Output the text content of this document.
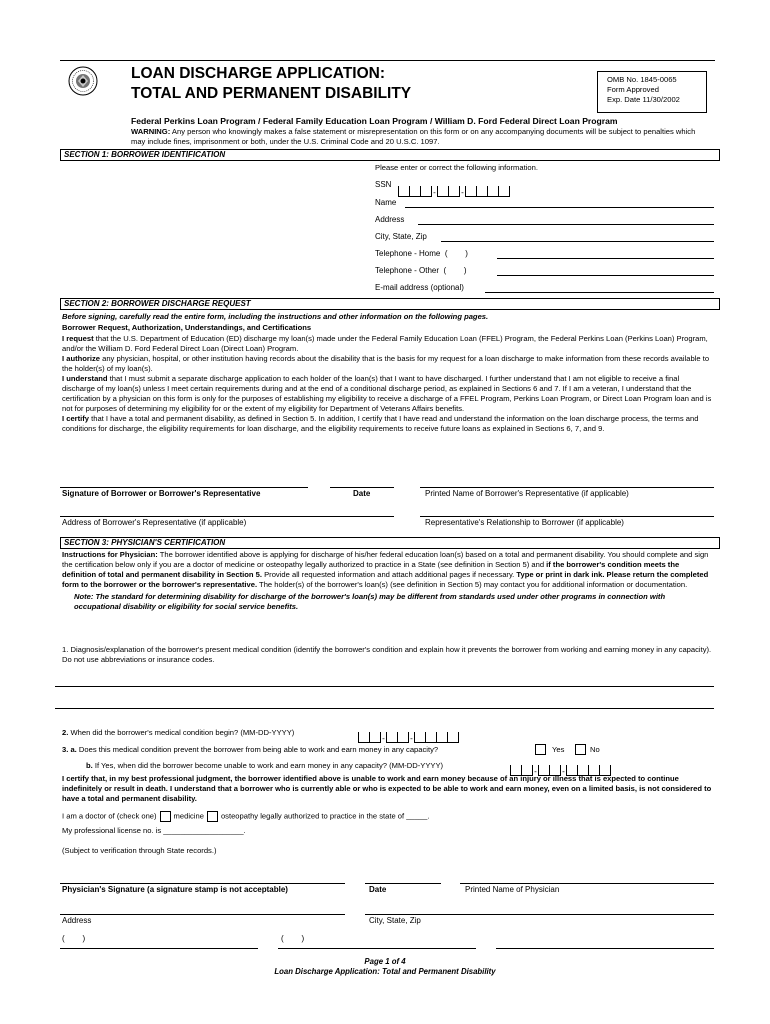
LOAN DISCHARGE APPLICATION:
TOTAL AND PERMANENT DISABILITY
OMB No. 1845-0065
Form Approved
Exp. Date 11/30/2002
Federal Perkins Loan Program / Federal Family Education Loan Program / William D. Ford Federal Direct Loan Program
WARNING: Any person who knowingly makes a false statement or misrepresentation on this form or on any accompanying documents will be subject to penalties which may include fines, imprisonment or both, under the U.S. Criminal Code and 20 U.S.C. 1097.
SECTION 1: BORROWER IDENTIFICATION
Please enter or correct the following information.
SSN
-	-
Name
Address
City, State, Zip
Telephone - Home  (        )
Telephone - Other  (        )
E-mail address (optional)
SECTION 2: BORROWER DISCHARGE REQUEST
Before signing, carefully read the entire form, including the instructions and other information on the following pages.
Borrower Request, Authorization, Understandings, and Certifications

I request that the U.S. Department of Education (ED) discharge my loan(s) made under the Federal Family Education Loan (FFEL) Program, the Federal Perkins Loan (Perkins Loan) Program, and/or the William D. Ford Federal Direct Loan (Direct Loan) Program.

I authorize any physician, hospital, or other institution having records about the disability that is the basis for my request for a loan discharge to make information from these records available to the holder(s) of my loan(s).

I understand that I must submit a separate discharge application to each holder of the loan(s) that I want to have discharged. I further understand that I am not eligible to receive a final discharge of my loan(s) unless I meet certain requirements during and at the end of a conditional discharge period, as explained in Sections 6 and 7. If I am a veteran, I understand that the certification by a physician on this form is only for the purposes of establishing my eligibility to receive a discharge of a FFEL Program, Perkins Loan Program, or Direct Loan Program loan and is not for purposes of determining my eligibility for or the extent of my eligibility for Department of Veterans Affairs benefits.

I certify that I have a total and permanent disability, as defined in Section 5. In addition, I certify that I have read and understand the information on the loan discharge process, the terms and conditions for discharge, the eligibility requirements for loan discharge, and the eligibility requirements to receive future loans as explained in Sections 6, 7, and 9.

Signature of Borrower or Borrower's Representative	Date	Printed Name of Borrower's Representative (if applicable)
Address of Borrower's Representative (if applicable)	Representative's Relationship to Borrower (if applicable)
SECTION 3: PHYSICIAN'S CERTIFICATION

Instructions for Physician: The borrower identified above is applying for discharge of his/her federal education loan(s) based on a total and permanent disability. You should complete and sign the certification below only if you are a doctor of medicine or osteopathy legally authorized to practice in a State (see definition in Section 5) and if the borrower's condition meets the definition of total and permanent disability in Section 5. Provide all requested information and attach additional pages if necessary. Type or print in dark ink. Please return the completed form to the borrower or the borrower's representative. The holder(s) of the borrower's loan(s) (see definition in Section 5) may contact you for additional information or documentation.

Note: The standard for determining disability for discharge of the borrower's loan(s) may be different from standards used under other programs in connection with occupational disability or eligibility for social service benefits.

1. Diagnosis/explanation of the borrower's present medical condition (identify the borrower's condition and explain how it prevents the borrower from working and earning money in any capacity). Do not use abbreviations or insurance codes.
2. When did the borrower's medical condition begin? (MM-DD-YYYY)
-	-
3. a. Does this medical condition prevent the borrower from being able to work and earn money in any capacity?	Yes	No
b. If Yes, when did the borrower become unable to work and earn money in any capacity? (MM-DD-YYYY)
-	-
I certify that, in my best professional judgment, the borrower identified above is unable to work and earn money because of an injury or illness that is expected to continue indefinitely or result in death. I understand that a borrower who is currently able or who is expected to be able to work and earn money, even on a limited basis, is not considered to have a total and permanent disability.
I am a doctor of (check one) medicine osteopathy legally authorized to practice in the state of _____.
My professional license no. is ___________________.
(Subject to verification through State records.)
Physician's Signature (a signature stamp is not acceptable)	Date	Printed Name of Physician
Address	City, State, Zip
(        )	(        )
Page 1 of 4
Loan Discharge Application: Total and Permanent Disability
